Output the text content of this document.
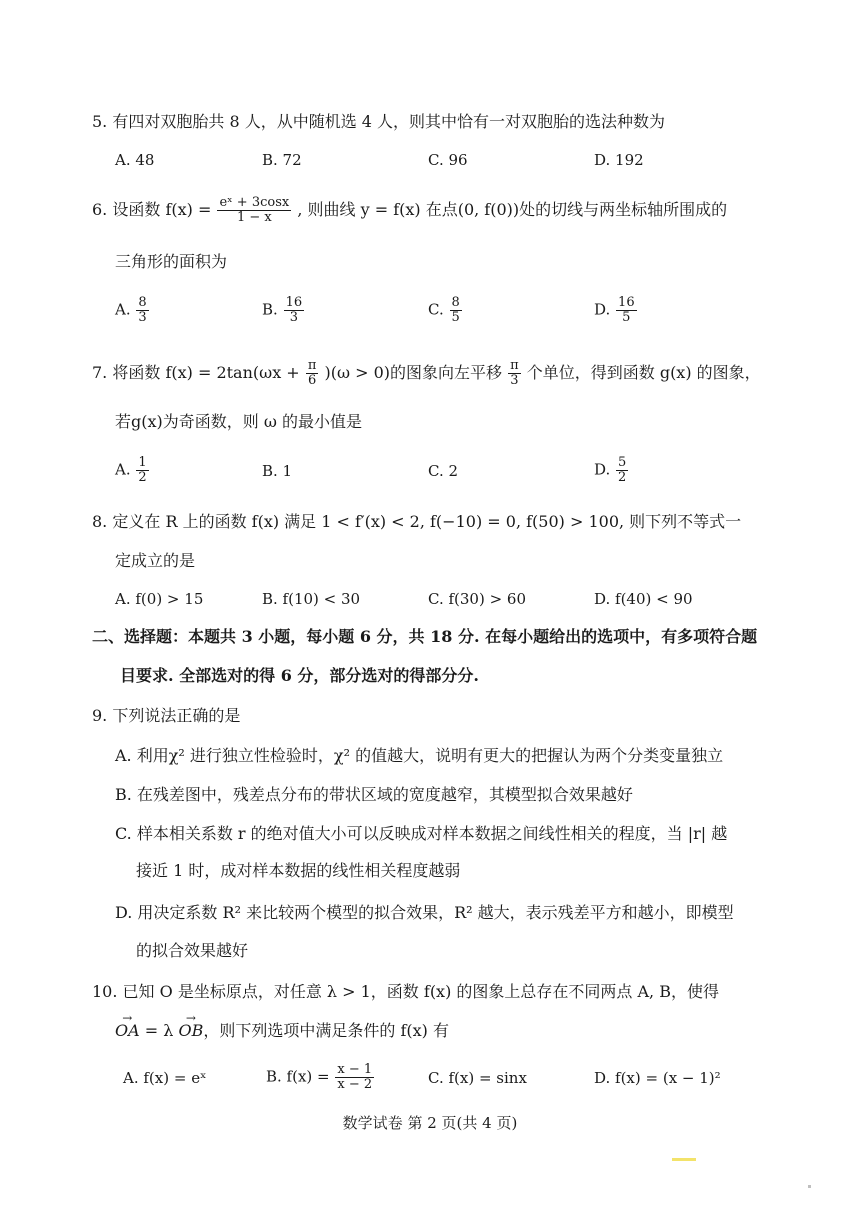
5. 有四对双胞胎共 8 人，从中随机选 4 人，则其中恰有一对双胞胎的选法种数为
A. 48	B. 72	C. 96	D. 192
6. 设函数 $f(x) = \frac{\text{eˣ + 3cosx}}{1 - x}$ , 则曲线 y = f(x) 在点(0, f(0))处的切线与两坐标轴所围成的
三角形的面积为
A. $\frac{8}{3}$	B. $\frac{16}{3}$	C. $\frac{8}{5}$	D. $\frac{16}{5}$
7. 将函数 $f(x) = 2\tan(\omega x + \frac{\pi}{6} )(\omega > 0)$的图象向左平移 $\frac{\pi}{3}$ 个单位，得到函数 g(x) 的图象，
若g(x)为奇函数，则 ω 的最小值是
A. $\frac{1}{2}$	B. 1	C. 2	D. $\frac{5}{2}$
8. 定义在 R 上的函数 f(x) 满足 1 < f′(x) < 2, f(−10) = 0, f(50) > 100, 则下列不等式一
定成立的是
A. f(0) > 15	B. f(10) < 30	C. f(30) > 60	D. f(40) < 90
二、选择题：本题共 3 小题，每小题 6 分，共 18 分. 在每小题给出的选项中，有多项符合题
目要求. 全部选对的得 6 分，部分选对的得部分分.
9. 下列说法正确的是
A. 利用χ² 进行独立性检验时，χ² 的值越大，说明有更大的把握认为两个分类变量独立
B. 在残差图中，残差点分布的带状区域的宽度越窄，其模型拟合效果越好
C. 样本相关系数 r 的绝对值大小可以反映成对样本数据之间线性相关的程度，当 |r| 越
接近 1 时，成对样本数据的线性相关程度越弱
D. 用决定系数 R² 来比较两个模型的拟合效果，R² 越大，表示残差平方和越小，即模型
的拟合效果越好
10. 已知 O 是坐标原点，对任意 λ > 1，函数 f(x) 的图象上总存在不同两点 A, B，使得
→ OA = λ → OB，则下列选项中满足条件的 f(x) 有
A. f(x) = eˣ	B. $f(x) = \frac{x - 1}{x - 2}$	C. f(x) = sinx	D. f(x) = (x − 1)²
数学试卷 第 2 页(共 4 页)
